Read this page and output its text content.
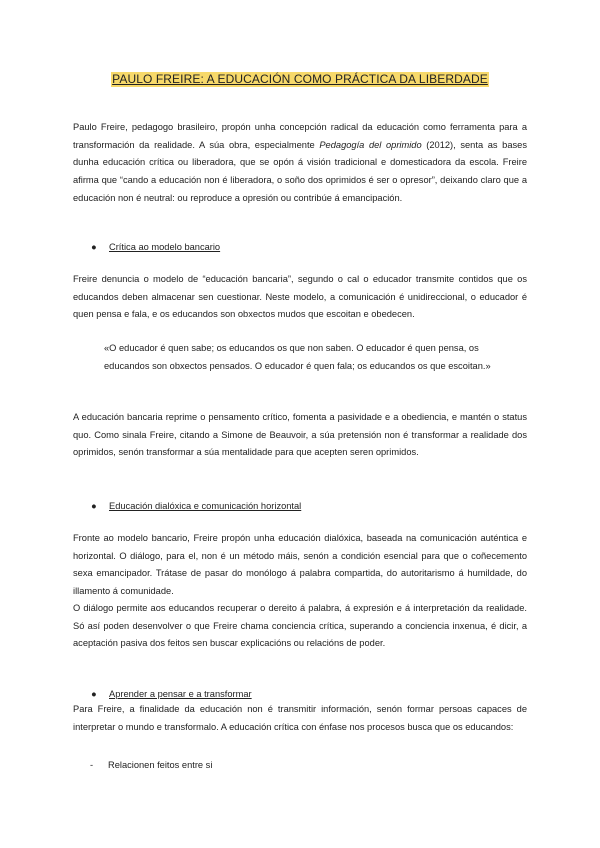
PAULO FREIRE: A EDUCACIÓN COMO PRÁCTICA DA LIBERDADE

Paulo Freire, pedagogo brasileiro, propón unha concepción radical da educación como ferramenta para a transformación da realidade. A súa obra, especialmente Pedagogía del oprimido (2012), senta as bases dunha educación crítica ou liberadora, que se opón á visión tradicional e domesticadora da escola. Freire afirma que “cando a educación non é liberadora, o soño dos oprimidos é ser o opresor”, deixando claro que a educación non é neutral: ou reproduce a opresión ou contribúe á emancipación.

● Crítica ao modelo bancario

Freire denuncia o modelo de “educación bancaria”, segundo o cal o educador transmite contidos que os educandos deben almacenar sen cuestionar. Neste modelo, a comunicación é unidireccional, o educador é quen pensa e fala, e os educandos son obxectos mudos que escoitan e obedecen.

«O educador é quen sabe; os educandos os que non saben. O educador é quen pensa, os educandos son obxectos pensados. O educador é quen fala; os educandos os que escoitan.»

A educación bancaria reprime o pensamento crítico, fomenta a pasividade e a obediencia, e mantén o status quo. Como sinala Freire, citando a Simone de Beauvoir, a súa pretensión non é transformar a realidade dos oprimidos, senón transformar a súa mentalidade para que acepten seren oprimidos.

● Educación dialóxica e comunicación horizontal

Fronte ao modelo bancario, Freire propón unha educación dialóxica, baseada na comunicación auténtica e horizontal. O diálogo, para el, non é un método máis, senón a condición esencial para que o coñecemento sexa emancipador. Trátase de pasar do monólogo á palabra compartida, do autoritarismo á humildade, do illamento á comunidade.

O diálogo permite aos educandos recuperar o dereito á palabra, á expresión e á interpretación da realidade. Só así poden desenvolver o que Freire chama conciencia crítica, superando a conciencia inxenua, é dicir, a aceptación pasiva dos feitos sen buscar explicacións ou relacións de poder.

● Aprender a pensar e a transformar

Para Freire, a finalidade da educación non é transmitir información, senón formar persoas capaces de interpretar o mundo e transformalo. A educación crítica con énfase nos procesos busca que os educandos:

- Relacionen feitos entre si
